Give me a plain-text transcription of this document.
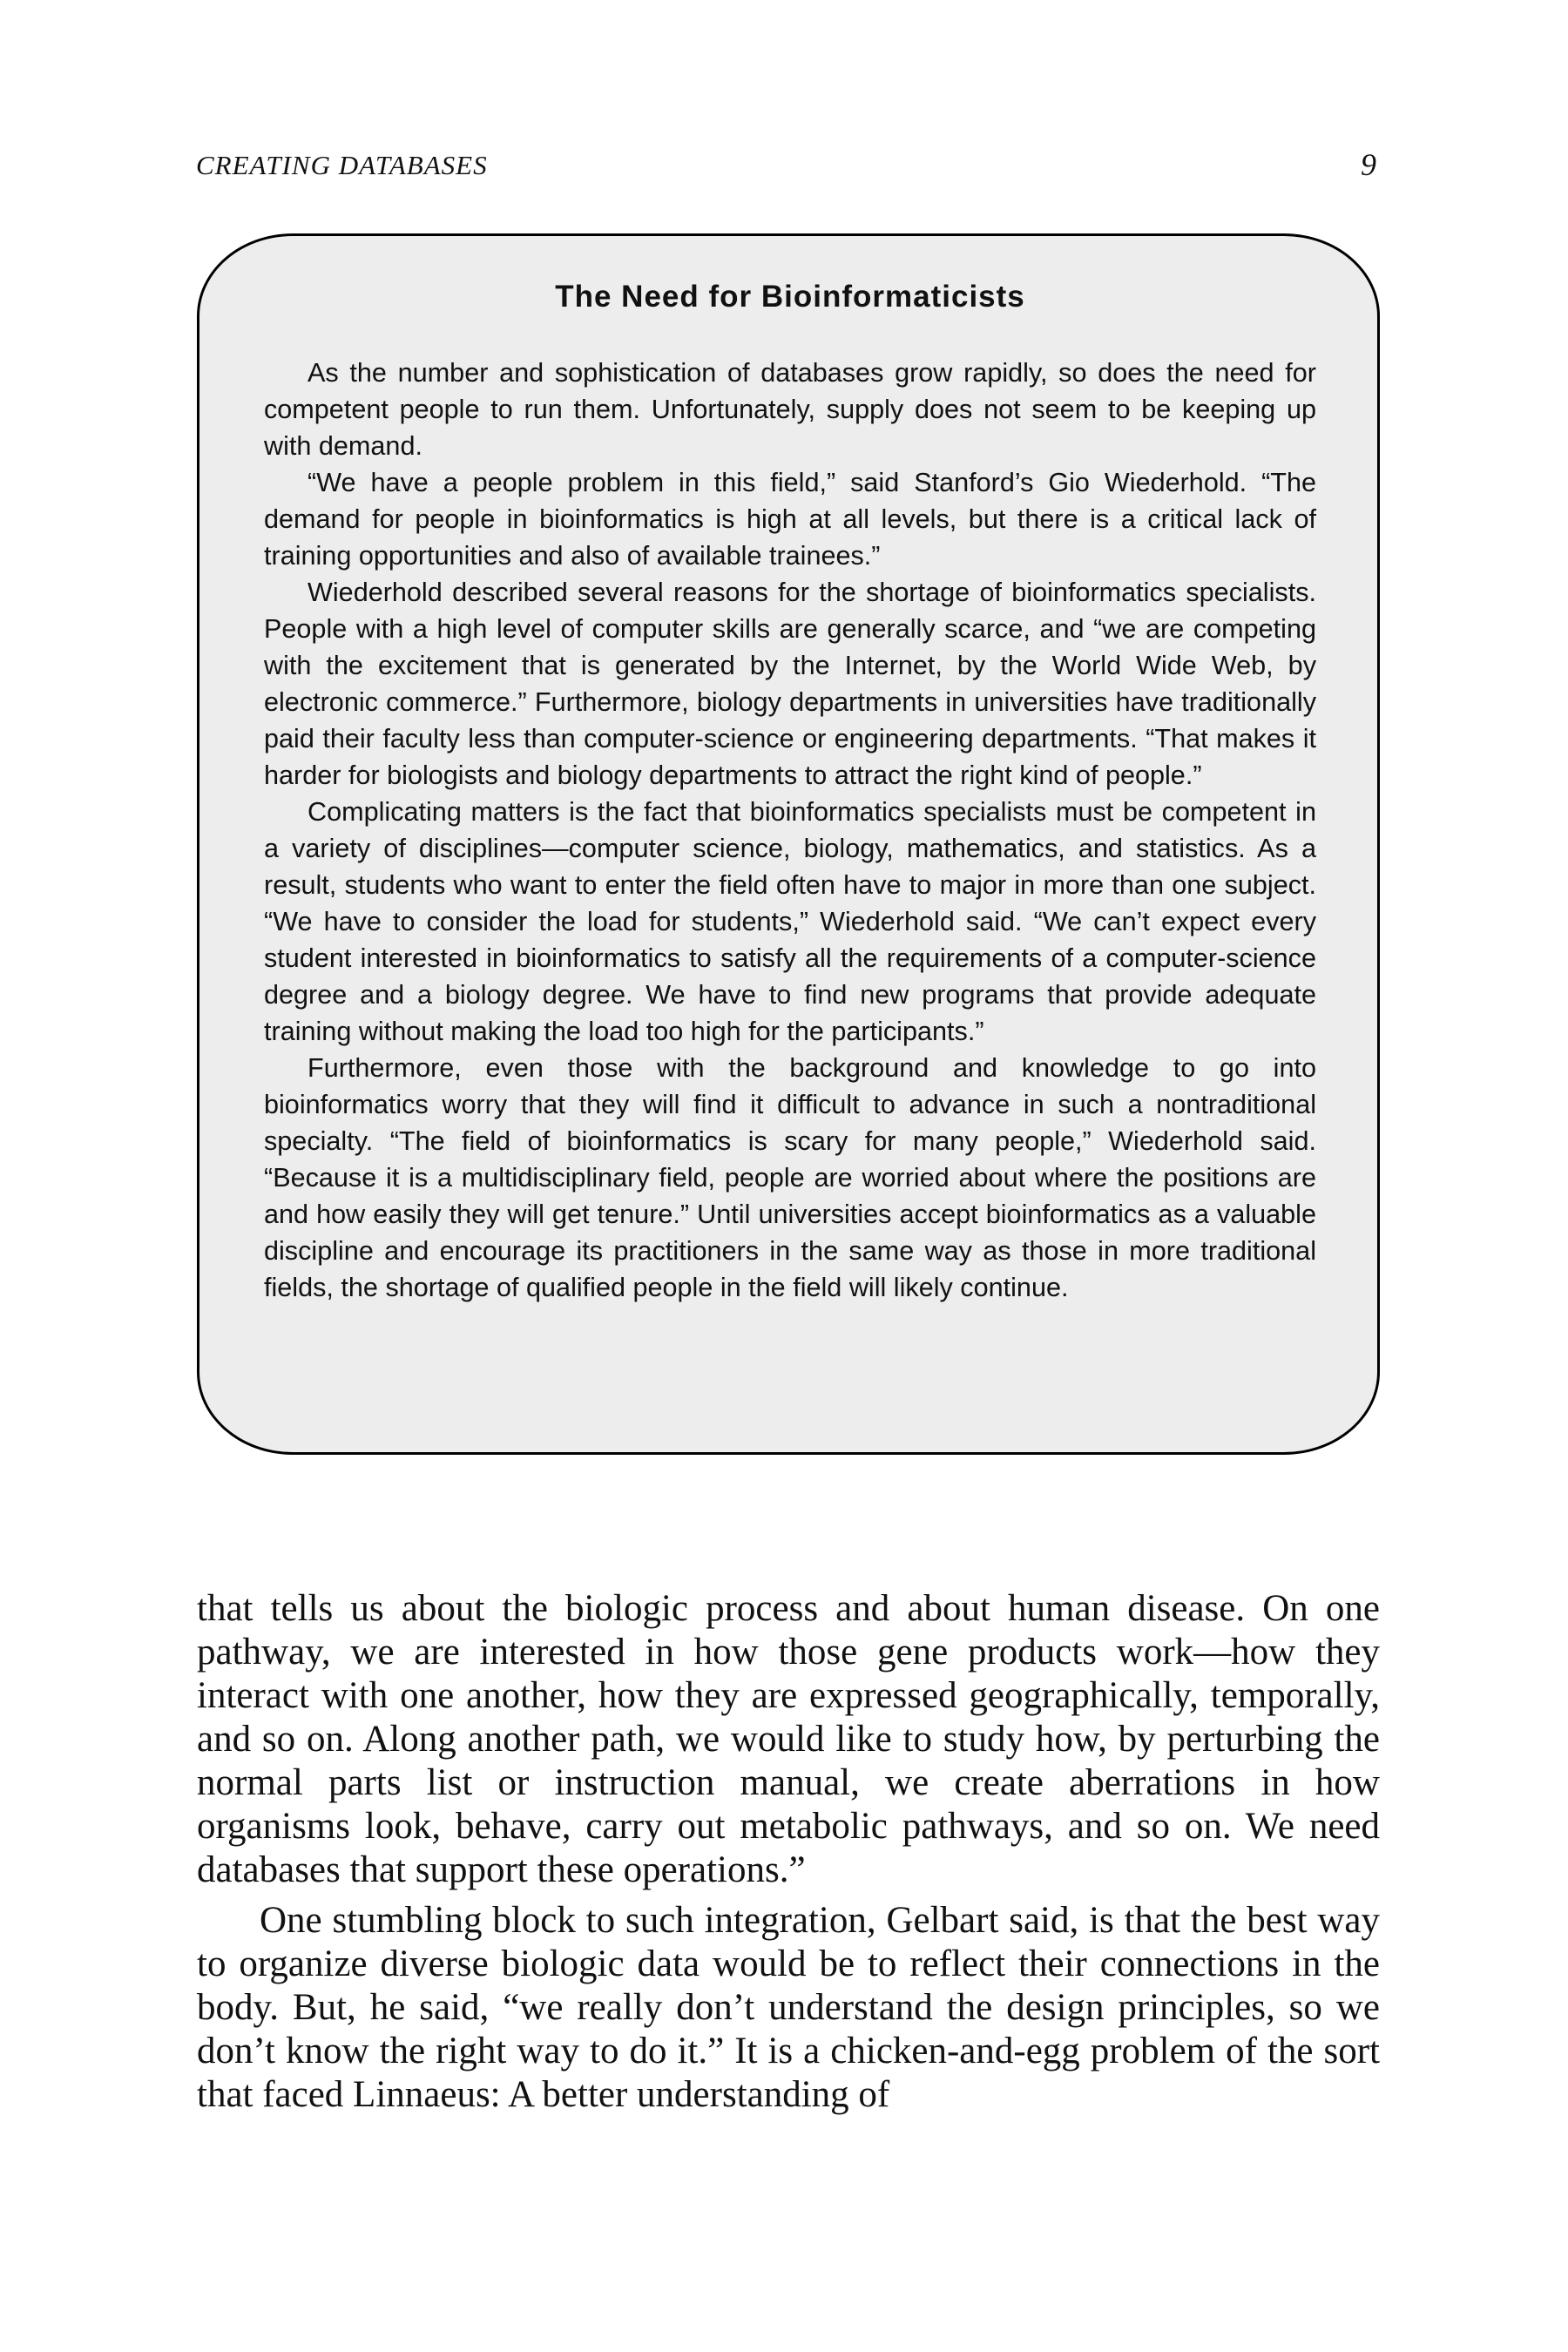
CREATING DATABASES	9
The Need for Bioinformaticists

As the number and sophistication of databases grow rapidly, so does the need for competent people to run them. Unfortunately, supply does not seem to be keeping up with demand.

“We have a people problem in this field,” said Stanford’s Gio Wiederhold. “The demand for people in bioinformatics is high at all levels, but there is a critical lack of training opportunities and also of available trainees.”

Wiederhold described several reasons for the shortage of bioinformatics specialists. People with a high level of computer skills are generally scarce, and “we are competing with the excitement that is generated by the Internet, by the World Wide Web, by electronic commerce.” Furthermore, biology departments in universities have traditionally paid their faculty less than computer-science or engineering departments. “That makes it harder for biologists and biology departments to attract the right kind of people.”

Complicating matters is the fact that bioinformatics specialists must be competent in a variety of disciplines—computer science, biology, mathematics, and statistics. As a result, students who want to enter the field often have to major in more than one subject. “We have to consider the load for students,” Wiederhold said. “We can’t expect every student interested in bioinformatics to satisfy all the requirements of a computer-science degree and a biology degree. We have to find new programs that provide adequate training without making the load too high for the participants.”

Furthermore, even those with the background and knowledge to go into bioinformatics worry that they will find it difficult to advance in such a nontraditional specialty. “The field of bioinformatics is scary for many people,” Wiederhold said. “Because it is a multidisciplinary field, people are worried about where the positions are and how easily they will get tenure.” Until universities accept bioinformatics as a valuable discipline and encourage its practitioners in the same way as those in more traditional fields, the shortage of qualified people in the field will likely continue.

that tells us about the biologic process and about human disease. On one pathway, we are interested in how those gene products work—how they interact with one another, how they are expressed geographically, temporally, and so on. Along another path, we would like to study how, by perturbing the normal parts list or instruction manual, we create aberrations in how organisms look, behave, carry out metabolic pathways, and so on. We need databases that support these operations.”

One stumbling block to such integration, Gelbart said, is that the best way to organize diverse biologic data would be to reflect their connections in the body. But, he said, “we really don’t understand the design principles, so we don’t know the right way to do it.” It is a chicken-and-egg problem of the sort that faced Linnaeus: A better understanding of
